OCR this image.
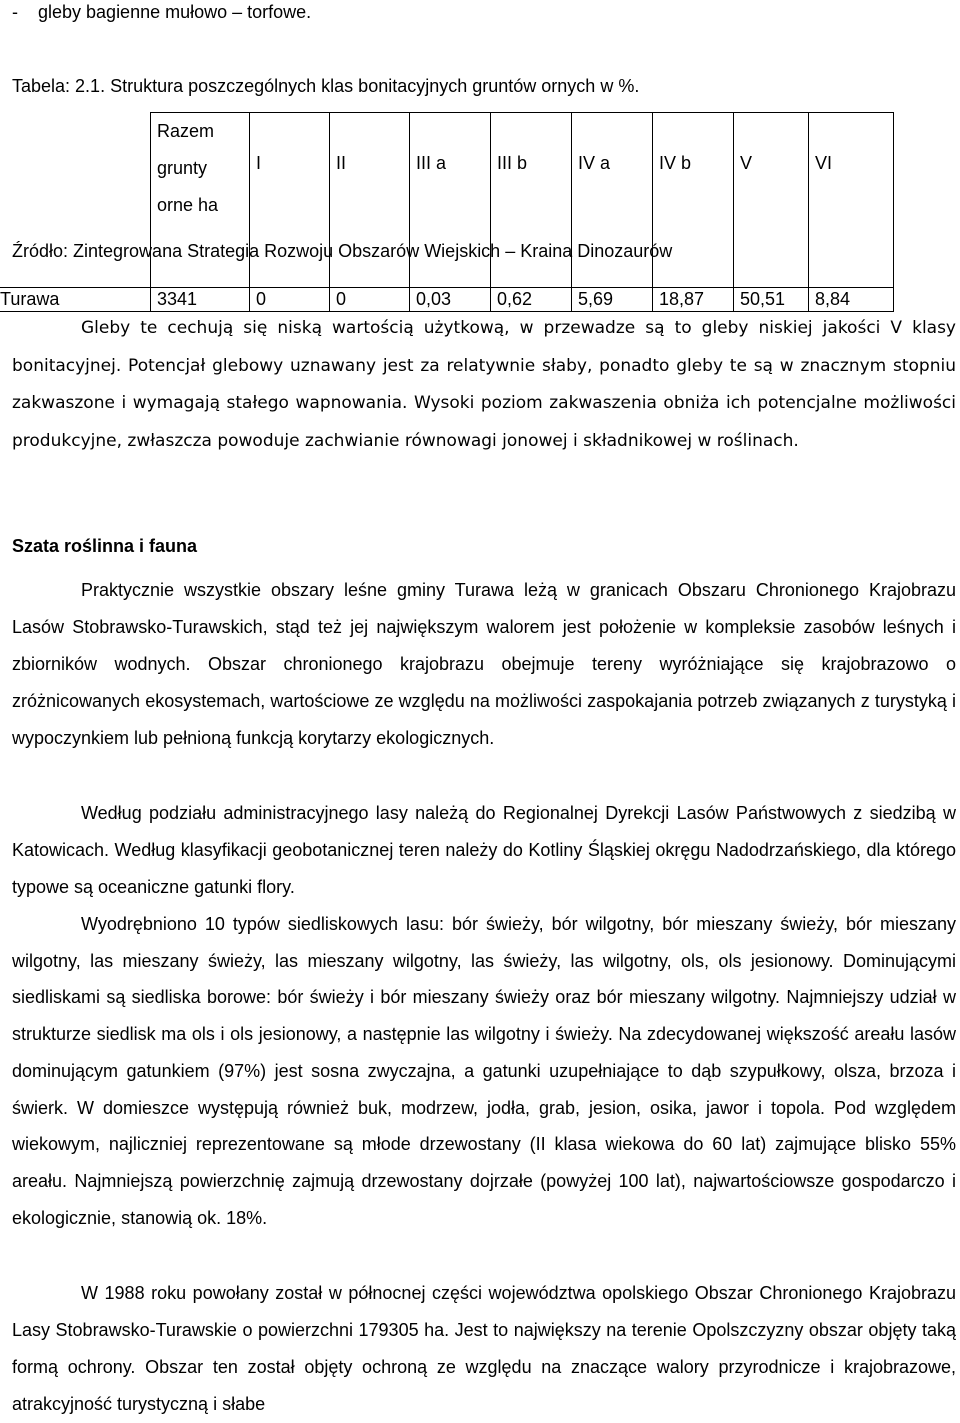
-    gleby bagienne mułowo – torfowe.
Tabela: 2.1. Struktura poszczególnych klas bonitacyjnych gruntów ornych w %.

	Razem
grunty
orne ha	I	II	III a	III b	IV a	IV b	V	VI
Turawa	3341	0	0	0,03	0,62	5,69	18,87	50,51	8,84
Źródło: Zintegrowana Strategia Rozwoju Obszarów Wiejskich – Kraina Dinozaurów

Gleby te cechują się niską wartością użytkową, w przewadze są to gleby niskiej jakości V klasy bonitacyjnej. Potencjał glebowy uznawany jest za relatywnie słaby, ponadto gleby te są w znacznym stopniu zakwaszone i wymagają stałego wapnowania. Wysoki poziom zakwaszenia obniża ich potencjalne możliwości produkcyjne, zwłaszcza powoduje zachwianie równowagi jonowej i składnikowej w roślinach.

Szata roślinna i fauna

Praktycznie wszystkie obszary leśne gminy Turawa leżą w granicach Obszaru Chronionego Krajobrazu Lasów Stobrawsko-Turawskich, stąd też jej największym walorem jest położenie w kompleksie zasobów leśnych i zbiorników wodnych. Obszar chronionego krajobrazu obejmuje tereny wyróżniające się krajobrazowo o zróżnicowanych ekosystemach, wartościowe ze względu na możliwości zaspokajania potrzeb związanych z turystyką i wypoczynkiem lub pełnioną funkcją korytarzy ekologicznych.

Według podziału administracyjnego lasy należą do Regionalnej Dyrekcji Lasów Państwowych z siedzibą w Katowicach. Według klasyfikacji geobotanicznej teren należy do Kotliny Śląskiej okręgu Nadodrzańskiego, dla którego typowe są oceaniczne gatunki flory.

Wyodrębniono 10 typów siedliskowych lasu: bór świeży, bór wilgotny, bór mieszany świeży, bór mieszany wilgotny, las mieszany świeży, las mieszany wilgotny, las świeży, las wilgotny, ols, ols jesionowy. Dominującymi siedliskami są siedliska borowe: bór świeży i bór mieszany świeży oraz bór mieszany wilgotny. Najmniejszy udział w strukturze siedlisk ma ols i ols jesionowy, a następnie las wilgotny i świeży. Na zdecydowanej większość areału lasów dominującym gatunkiem (97%) jest sosna zwyczajna, a gatunki uzupełniające to dąb szypułkowy, olsza, brzoza i świerk. W domieszce występują również buk, modrzew, jodła, grab, jesion, osika, jawor i topola. Pod względem wiekowym, najliczniej reprezentowane są młode drzewostany (II klasa wiekowa do 60 lat) zajmujące blisko 55% areału. Najmniejszą powierzchnię zajmują drzewostany dojrzałe (powyżej 100 lat), najwartościowsze gospodarczo i ekologicznie, stanowią ok. 18%.

W 1988 roku powołany został w północnej części województwa opolskiego Obszar Chronionego Krajobrazu Lasy Stobrawsko-Turawskie o powierzchni 179305 ha. Jest to największy na terenie Opolszczyzny obszar objęty taką formą ochrony. Obszar ten został objęty ochroną ze względu na znaczące walory przyrodnicze i krajobrazowe, atrakcyjność turystyczną i słabe
